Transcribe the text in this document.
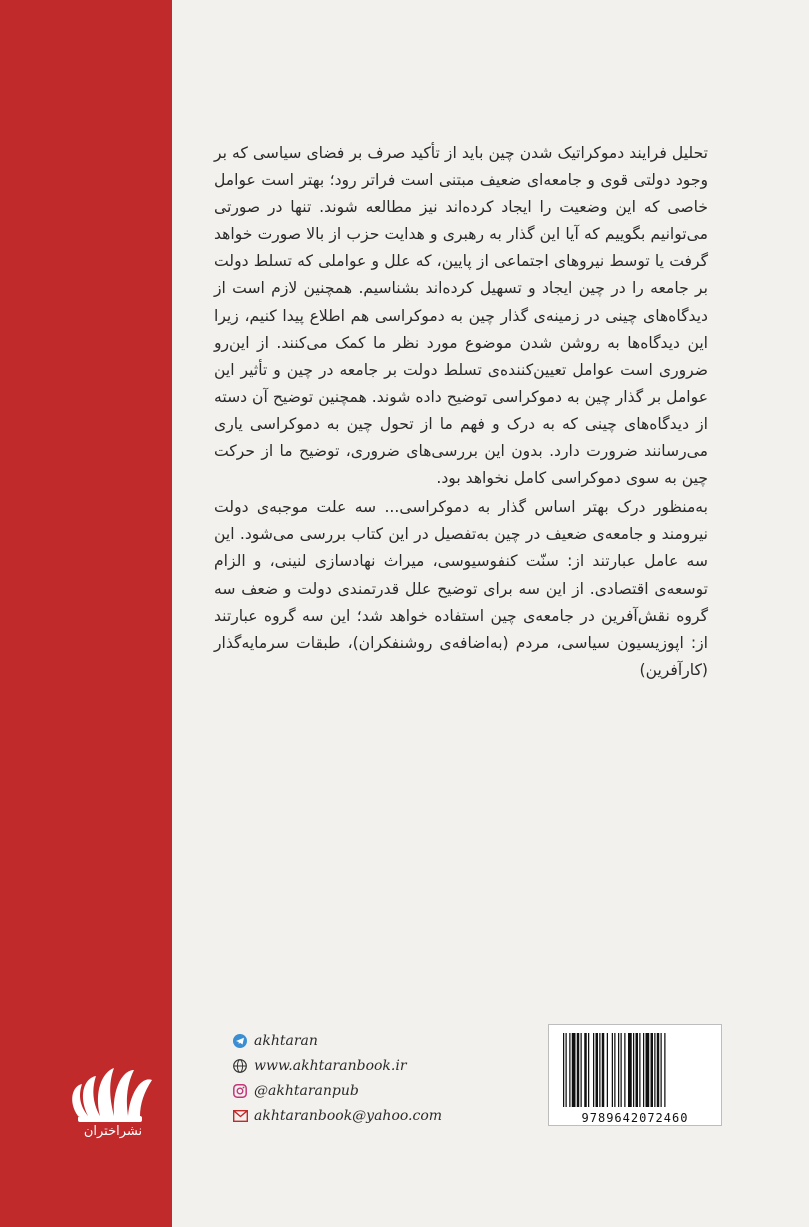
نشراختران

تحلیل فرایند دموکراتیک شدن چین باید از تأکید صرف بر فضای سیاسی که بر وجود دولتی قوی و جامعه‌ای ضعیف مبتنی است فراتر رود؛ بهتر است عوامل خاصی که این وضعیت را ایجاد کرده‌اند نیز مطالعه شوند. تنها در صورتی می‌توانیم بگوییم که آیا این گذار به رهبری و هدایت حزب از بالا صورت خواهد گرفت یا توسط نیروهای اجتماعی از پایین، که علل و عواملی که تسلط دولت بر جامعه را در چین ایجاد و تسهیل کرده‌اند بشناسیم. همچنین لازم است از دیدگاه‌های چینی در زمینه‌ی گذار چین به دموکراسی هم اطلاع پیدا کنیم، زیرا این دیدگاه‌ها به روشن شدن موضوع مورد نظر ما کمک می‌کنند. از این‌رو ضروری است عوامل تعیین‌کننده‌ی تسلط دولت بر جامعه در چین و تأثیر این عوامل بر گذار چین به دموکراسی توضیح داده شوند. همچنین توضیح آن دسته از دیدگاه‌های چینی که به درک و فهم ما از تحول چین به دموکراسی یاری می‌رسانند ضرورت دارد. بدون این بررسی‌های ضروری، توضیح ما از حرکت چین به سوی دموکراسی کامل نخواهد بود.

به‌منظور درک بهتر اساس گذار به دموکراسی... سه علت موجبه‌ی دولت نیرومند و جامعه‌ی ضعیف در چین به‌تفصیل در این کتاب بررسی می‌شود. این سه عامل عبارتند از: سنّت کنفوسیوسی، میراث نهادسازی لنینی، و الزام توسعه‌ی اقتصادی. از این سه برای توضیح علل قدرتمندی دولت و ضعف سه گروه نقش‌آفرین در جامعه‌ی چین استفاده خواهد شد؛ این سه گروه عبارتند از: اپوزیسیون سیاسی، مردم (به‌اضافه‌ی روشنفکران)، طبقات سرمایه‌گذار (کارآفرین)

akhtaran
www.akhtaranbook.ir
@akhtaranpub
akhtaranbook@yahoo.com	9789642072460
